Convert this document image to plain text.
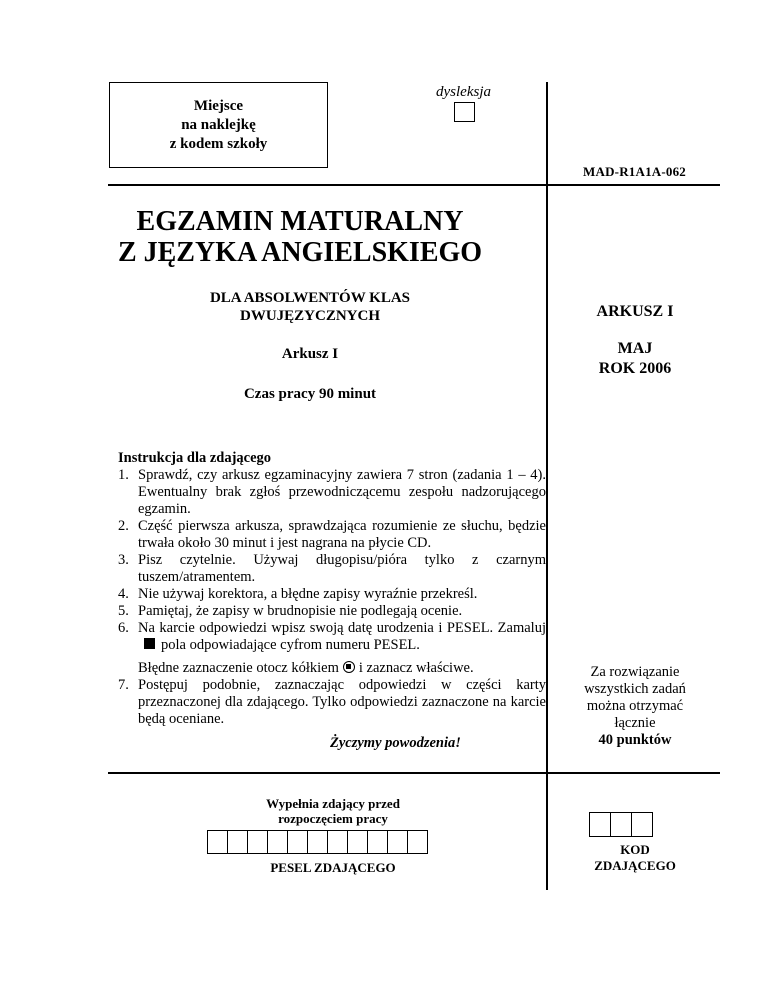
Miejsce
na naklejkę
z kodem szkoły
dysleksja
MAD-R1A1A-062
EGZAMIN MATURALNY
Z JĘZYKA ANGIELSKIEGO
DLA ABSOLWENTÓW KLAS
DWUJĘZYCZNYCH
Arkusz I
Czas pracy 90 minut
ARKUSZ I
MAJ
ROK 2006
Instrukcja dla zdającego
1. Sprawdź, czy arkusz egzaminacyjny zawiera 7 stron (zadania 1 – 4). Ewentualny brak zgłoś przewodniczącemu zespołu nadzorującego egzamin.
2. Część pierwsza arkusza, sprawdzająca rozumienie ze słuchu, będzie trwała około 30 minut i jest nagrana na płycie CD.
3. Pisz czytelnie. Używaj długopisu/pióra tylko z czarnym tuszem/atramentem.
4. Nie używaj korektora, a błędne zapisy wyraźnie przekreśl.
5. Pamiętaj, że zapisy w brudnopisie nie podlegają ocenie.
6. Na karcie odpowiedzi wpisz swoją datę urodzenia i PESEL. Zamalujpola odpowiadające cyfrom numeru PESEL.
Błędne zaznaczenie otocz kółkiem i zaznacz właściwe.
7. Postępuj podobnie, zaznaczając odpowiedzi w części karty przeznaczonej dla zdającego. Tylko odpowiedzi zaznaczone na karcie będą oceniane.
Życzymy powodzenia!
Za rozwiązanie
wszystkich zadań
można otrzymać
łącznie
40 punktów
Wypełnia zdający przed
rozpoczęciem pracy
PESEL ZDAJĄCEGO
KOD
ZDAJĄCEGO
